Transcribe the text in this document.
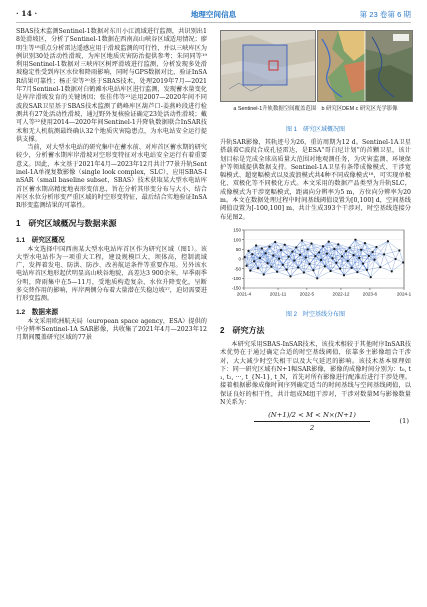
· 14 ·	地理空间信息	第 23 卷第 6 期

SBAS技术监测Sentinel-1数据对东川小江流域进行监测，共识别出18处滑坡区，分析了Sentinel-1数据在西南高山峡谷区域适用情况；廖明生等¹⁸重点分析雷达遥感应用于滑坡监测的可行性，并以三峡库区为例识别30处活动性滑坡，为库区地质灾害防治提供参考；朱同同等¹⁹利用Sentinel-1数据对三峡库区树坪滑坡进行监测，分析发现多处滑坡稳定性受到库区水位和降雨影响，同时与GPS数据对比，验证InSAR结果可靠性；杨正荣等²⁰基于SBAS技术，处理2019年7月—2021年7月Sentinel-1数据对白鹤滩水电站库区进行监测，发现蓄水量变化是库岸滑坡发育的关键诱因；张佳伟等²¹运用2007—2020年间不同波段SAR卫星基于SBAS技术监测了鹤峰库区葫芦口-姜燕岭段进行检测共有27处活动性滑坡，通过野外复核验证确定23处活动性滑坡；戴可人等²²使用2014—2020年间Sentinel-1升降轨数据联合InSAR技术和无人机航测最终确认32个地质灾害隐患点，为水电站安全运行提供支撑。

当前，对大型水电站的研究集中在蓄水前、对库首区蓄水期的研究较少，分析蓄水期库岸滑坡对空形变特征对水电站安全运行有着重要意义。因此，本文基于2021年4月—2023年12月共计77景升轨Sentinel-1A单视复数影像（single look complex，SLC），应用SBAS-InSAR（small baseline subset，SBAS）技术获取某大型水电站库首区蓄水期高精度地表形变信息，旨在分析其形变分布与大小，结合库区水位分析形变严重区域的时空形变特征，最后结合实地验证InSAR形变监测结果的可靠性。

1　研究区域概况与数据来源
1.1　研究区概况

本文选择中国西南某大型水电站库首区作为研究区域（图1）。该大型水电站作为一项重大工程，建设规模巨大，坝体高，控制流域广，发挥着发电、防洪、防沙、改善航运条件等重要作用。另外该水电站库首区地形起伏明显高山峡谷地貌，高差达3 900余米，早季雨季分明，降雨集中在5—11月，受地质构造复杂，水位升降变化，呈断多交替作用的影响，库岸两侧分布着大量潜在失稳边坡¹⁷，迫切需要进行形变监测。

1.2　数据来源

本文采用欧洲航天局（european space agency，ESA）提供的中分辨率Sentinel-1A SAR影像，共收集了2021年4月—2023年12月期间覆盖研究区域的77景

a Sentinel-1升轨数据空间覆盖范围　b 研究区DEM c 研究区光学影像
图 1 研究区域概况图

升轨SAR影像，其轨迹号为26，重访周期为12 d。Sentinel-1A卫星搭载着C波段合成孔径雷达，是ESA“哥白尼计划”的首颗卫星，该计划目标是完成全球高质量大范围对地观测任务，为灾害监测、环境保护等领域提供数据支持。Sentinel-1A卫星有条带成像模式、干涉宽幅模式、超宽幅模式以及波浪模式共4种不同成像模式¹⁸，可实现单极化、双极化等不同极化方式。本文采用的数据产品类型为升轨SLC，成像模式为干涉宽幅模式，距离向分辨率为5 m，方位向分辨率为20 m。本文在数据处理过程中时间基线阈值设置为[0,100] d，空间基线阈值设置为[-100,100] m，共计生成393个干涉对，时空基线连接分布见图2。

-150
-100
-50
0
50
100
150
2021-4	2021-11	2022-5	2022-12	2023-6	2024-1
图 2 时空基线分布图
2　研究方法

本研究采用SBAS-InSAR技术，该技术相较于其他时序InSAR技术优势在于通过确定合适的时空基线阈值，依靠多主影像组合干涉对，大大减少时空失相干以及大气延迟的影响。该技术基本原理如下：同一研究区域有N+1幅SAR影像，影像的成像时间分别为：t₀, t₁, t₂, ···, t_{N-1}, t_N，首先对所有影像进行配准后进行干涉处理。接着根据影像成像时间序列确定适当的时间基线与空间基线阈值，以保证良好的相干性，共计组成M组干涉对，干涉对数量M与影像数量N关系为：

(N+1)/2 < M < N×(N+1)
2
(1)
